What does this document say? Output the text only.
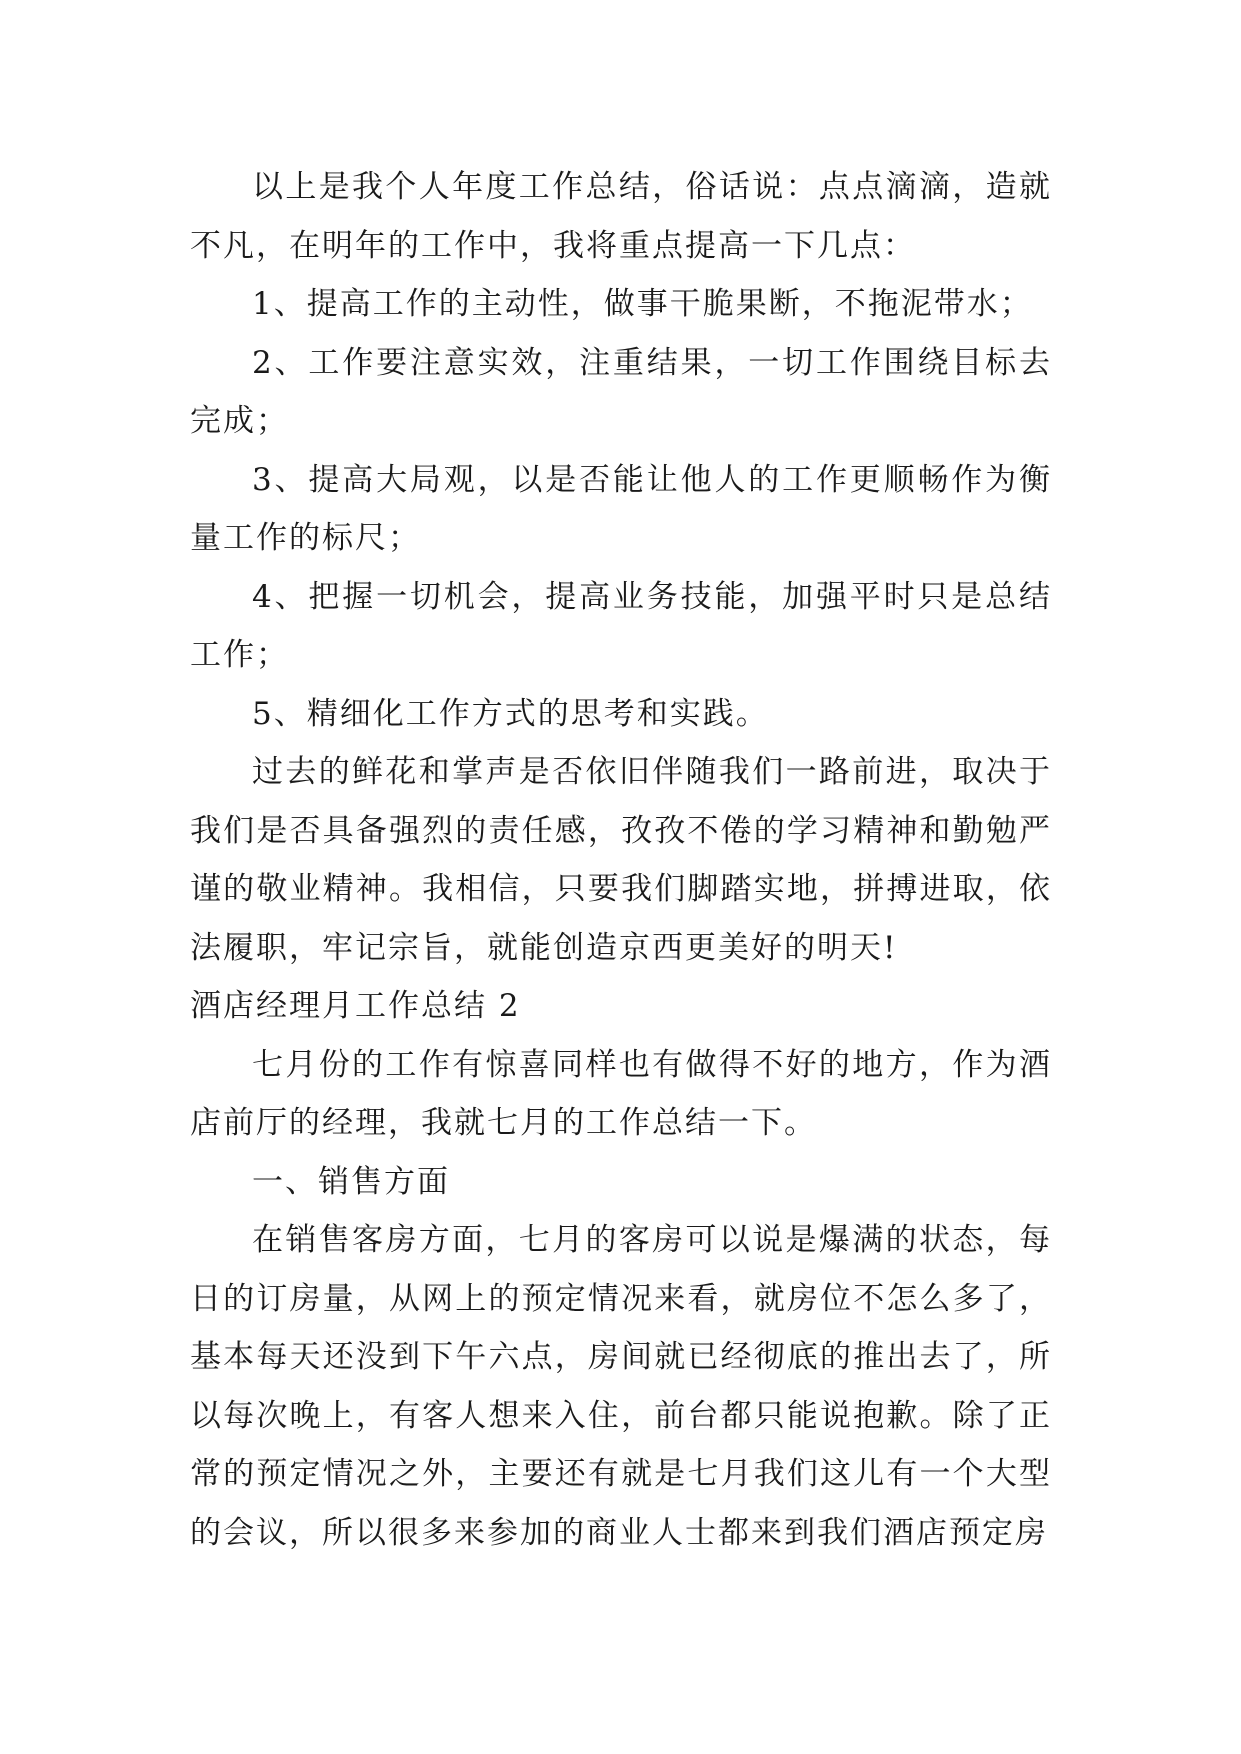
以上是我个人年度工作总结，俗话说：点点滴滴，造就不凡，在明年的工作中，我将重点提高一下几点：

1、提高工作的主动性，做事干脆果断，不拖泥带水；

2、工作要注意实效，注重结果，一切工作围绕目标去完成；

3、提高大局观，以是否能让他人的工作更顺畅作为衡量工作的标尺；

4、把握一切机会，提高业务技能，加强平时只是总结工作；

5、精细化工作方式的思考和实践。

过去的鲜花和掌声是否依旧伴随我们一路前进，取决于我们是否具备强烈的责任感，孜孜不倦的学习精神和勤勉严谨的敬业精神。我相信，只要我们脚踏实地，拼搏进取，依法履职，牢记宗旨，就能创造京西更美好的明天!

酒店经理月工作总结 2

七月份的工作有惊喜同样也有做得不好的地方，作为酒店前厅的经理，我就七月的工作总结一下。

一、销售方面

在销售客房方面，七月的客房可以说是爆满的状态，每日的订房量，从网上的预定情况来看，就房位不怎么多了，基本每天还没到下午六点，房间就已经彻底的推出去了，所以每次晚上，有客人想来入住，前台都只能说抱歉。除了正常的预定情况之外，主要还有就是七月我们这儿有一个大型的会议，所以很多来参加的商业人士都来到我们酒店预定房
